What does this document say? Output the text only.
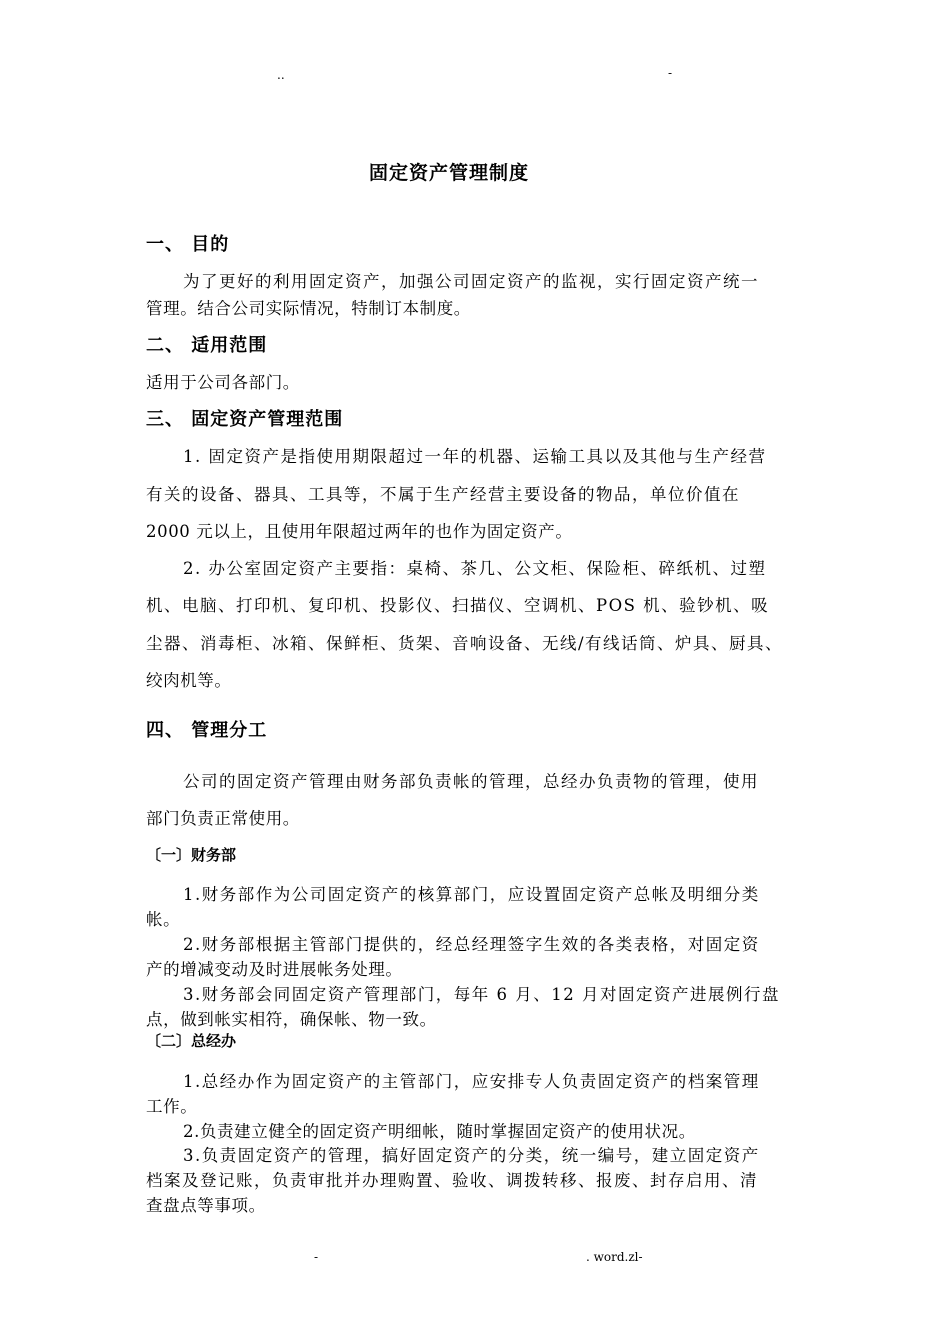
..	-
固定资产管理制度
一、 目的
为了更好的利用固定资产，加强公司固定资产的监视，实行固定资产统一
管理。结合公司实际情况，特制订本制度。
二、 适用范围
适用于公司各部门。
三、 固定资产管理范围
1. 固定资产是指使用期限超过一年的机器、运输工具以及其他与生产经营
有关的设备、器具、工具等，不属于生产经营主要设备的物品，单位价值在
2000 元以上，且使用年限超过两年的也作为固定资产。
2. 办公室固定资产主要指：桌椅、茶几、公文柜、保险柜、碎纸机、过塑
机、电脑、打印机、复印机、投影仪、扫描仪、空调机、POS 机、验钞机、吸
尘器、消毒柜、冰箱、保鲜柜、货架、音响设备、无线/有线话筒、炉具、厨具、
绞肉机等。
四、 管理分工
公司的固定资产管理由财务部负责帐的管理，总经办负责物的管理，使用
部门负责正常使用。
〔一〕财务部
1.财务部作为公司固定资产的核算部门，应设置固定资产总帐及明细分类
帐。
2.财务部根据主管部门提供的，经总经理签字生效的各类表格，对固定资
产的增减变动及时进展帐务处理。
3.财务部会同固定资产管理部门，每年 6 月、12 月对固定资产进展例行盘
点，做到帐实相符，确保帐、物一致。
〔二〕总经办
1.总经办作为固定资产的主管部门，应安排专人负责固定资产的档案管理
工作。
2.负责建立健全的固定资产明细帐，随时掌握固定资产的使用状况。
3.负责固定资产的管理，搞好固定资产的分类，统一编号，建立固定资产
档案及登记账，负责审批并办理购置、验收、调拨转移、报废、封存启用、清
查盘点等事项。
-	. word.zl-
